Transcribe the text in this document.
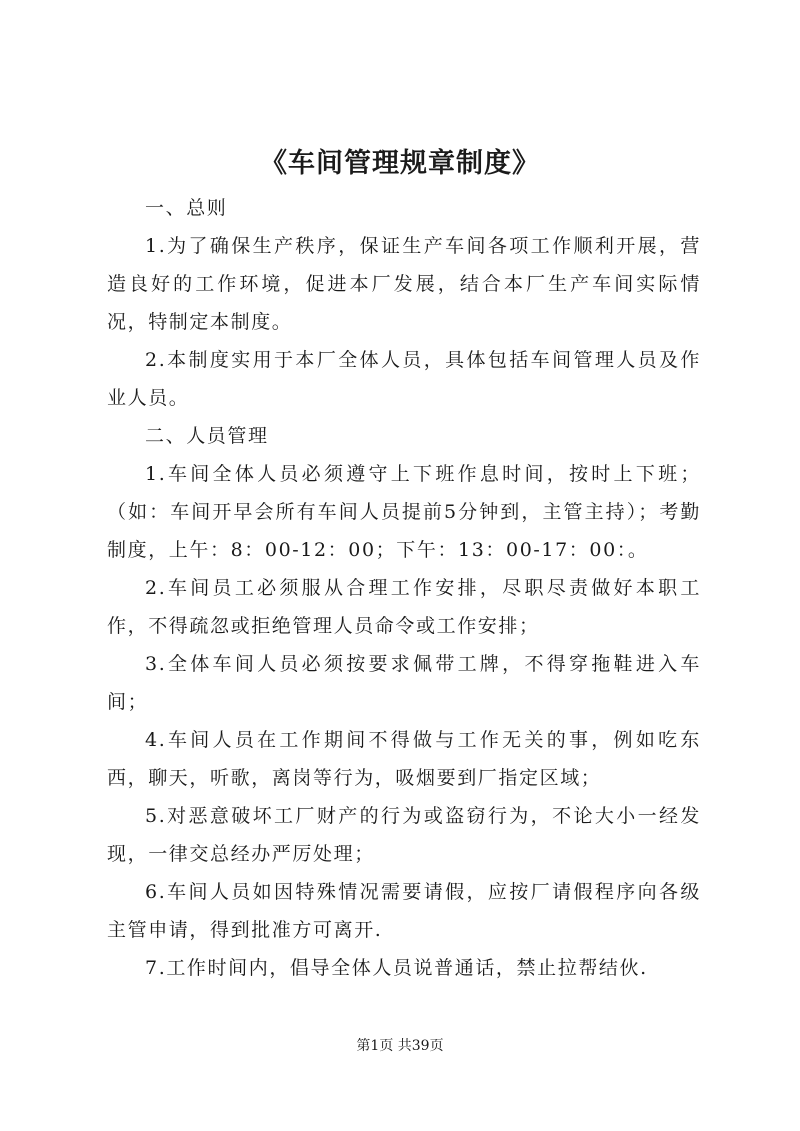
《车间管理规章制度》

一、总则

1.为了确保生产秩序，保证生产车间各项工作顺利开展，营造良好的工作环境，促进本厂发展，结合本厂生产车间实际情况，特制定本制度。

2.本制度实用于本厂全体人员，具体包括车间管理人员及作业人员。

二、人员管理

1.车间全体人员必须遵守上下班作息时间，按时上下班；（如：车间开早会所有车间人员提前5分钟到，主管主持）；考勤制度，上午：8：00-12：00；下午：13：00-17：00：。

2.车间员工必须服从合理工作安排，尽职尽责做好本职工作，不得疏忽或拒绝管理人员命令或工作安排；

3.全体车间人员必须按要求佩带工牌，不得穿拖鞋进入车间；

4.车间人员在工作期间不得做与工作无关的事，例如吃东西，聊天，听歌，离岗等行为，吸烟要到厂指定区域；

5.对恶意破坏工厂财产的行为或盗窃行为，不论大小一经发现，一律交总经办严厉处理；

6.车间人员如因特殊情况需要请假，应按厂请假程序向各级主管申请，得到批准方可离开.

7.工作时间内，倡导全体人员说普通话，禁止拉帮结伙.

第1页 共39页
